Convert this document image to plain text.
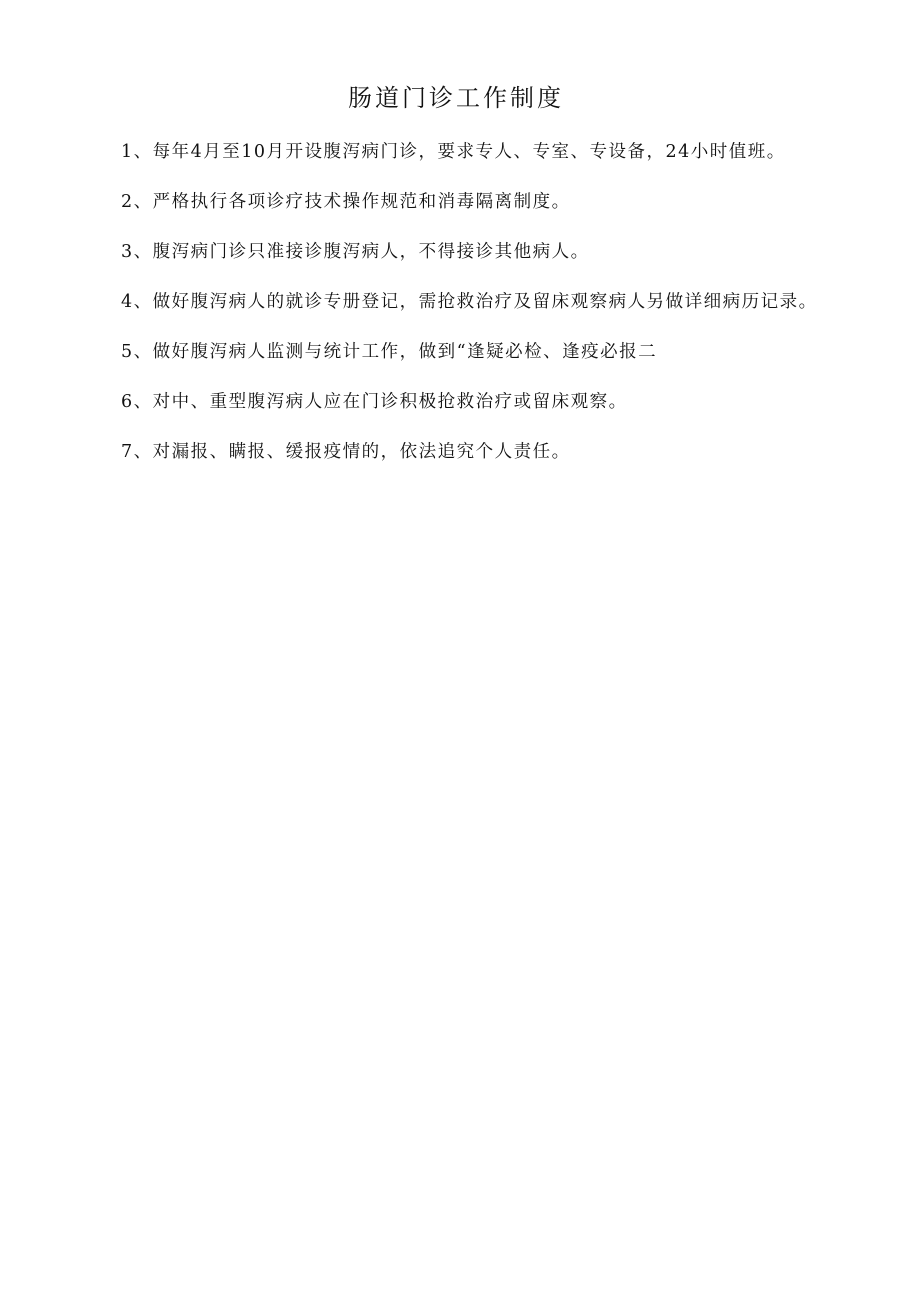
肠道门诊工作制度

1、每年4月至10月开设腹泻病门诊，要求专人、专室、专设备，24小时值班。

2、严格执行各项诊疗技术操作规范和消毒隔离制度。

3、腹泻病门诊只准接诊腹泻病人，不得接诊其他病人。

4、做好腹泻病人的就诊专册登记，需抢救治疗及留床观察病人另做详细病历记录。

5、做好腹泻病人监测与统计工作，做到“逢疑必检、逢疫必报二

6、对中、重型腹泻病人应在门诊积极抢救治疗或留床观察。

7、对漏报、瞒报、缓报疫情的，依法追究个人责任。
